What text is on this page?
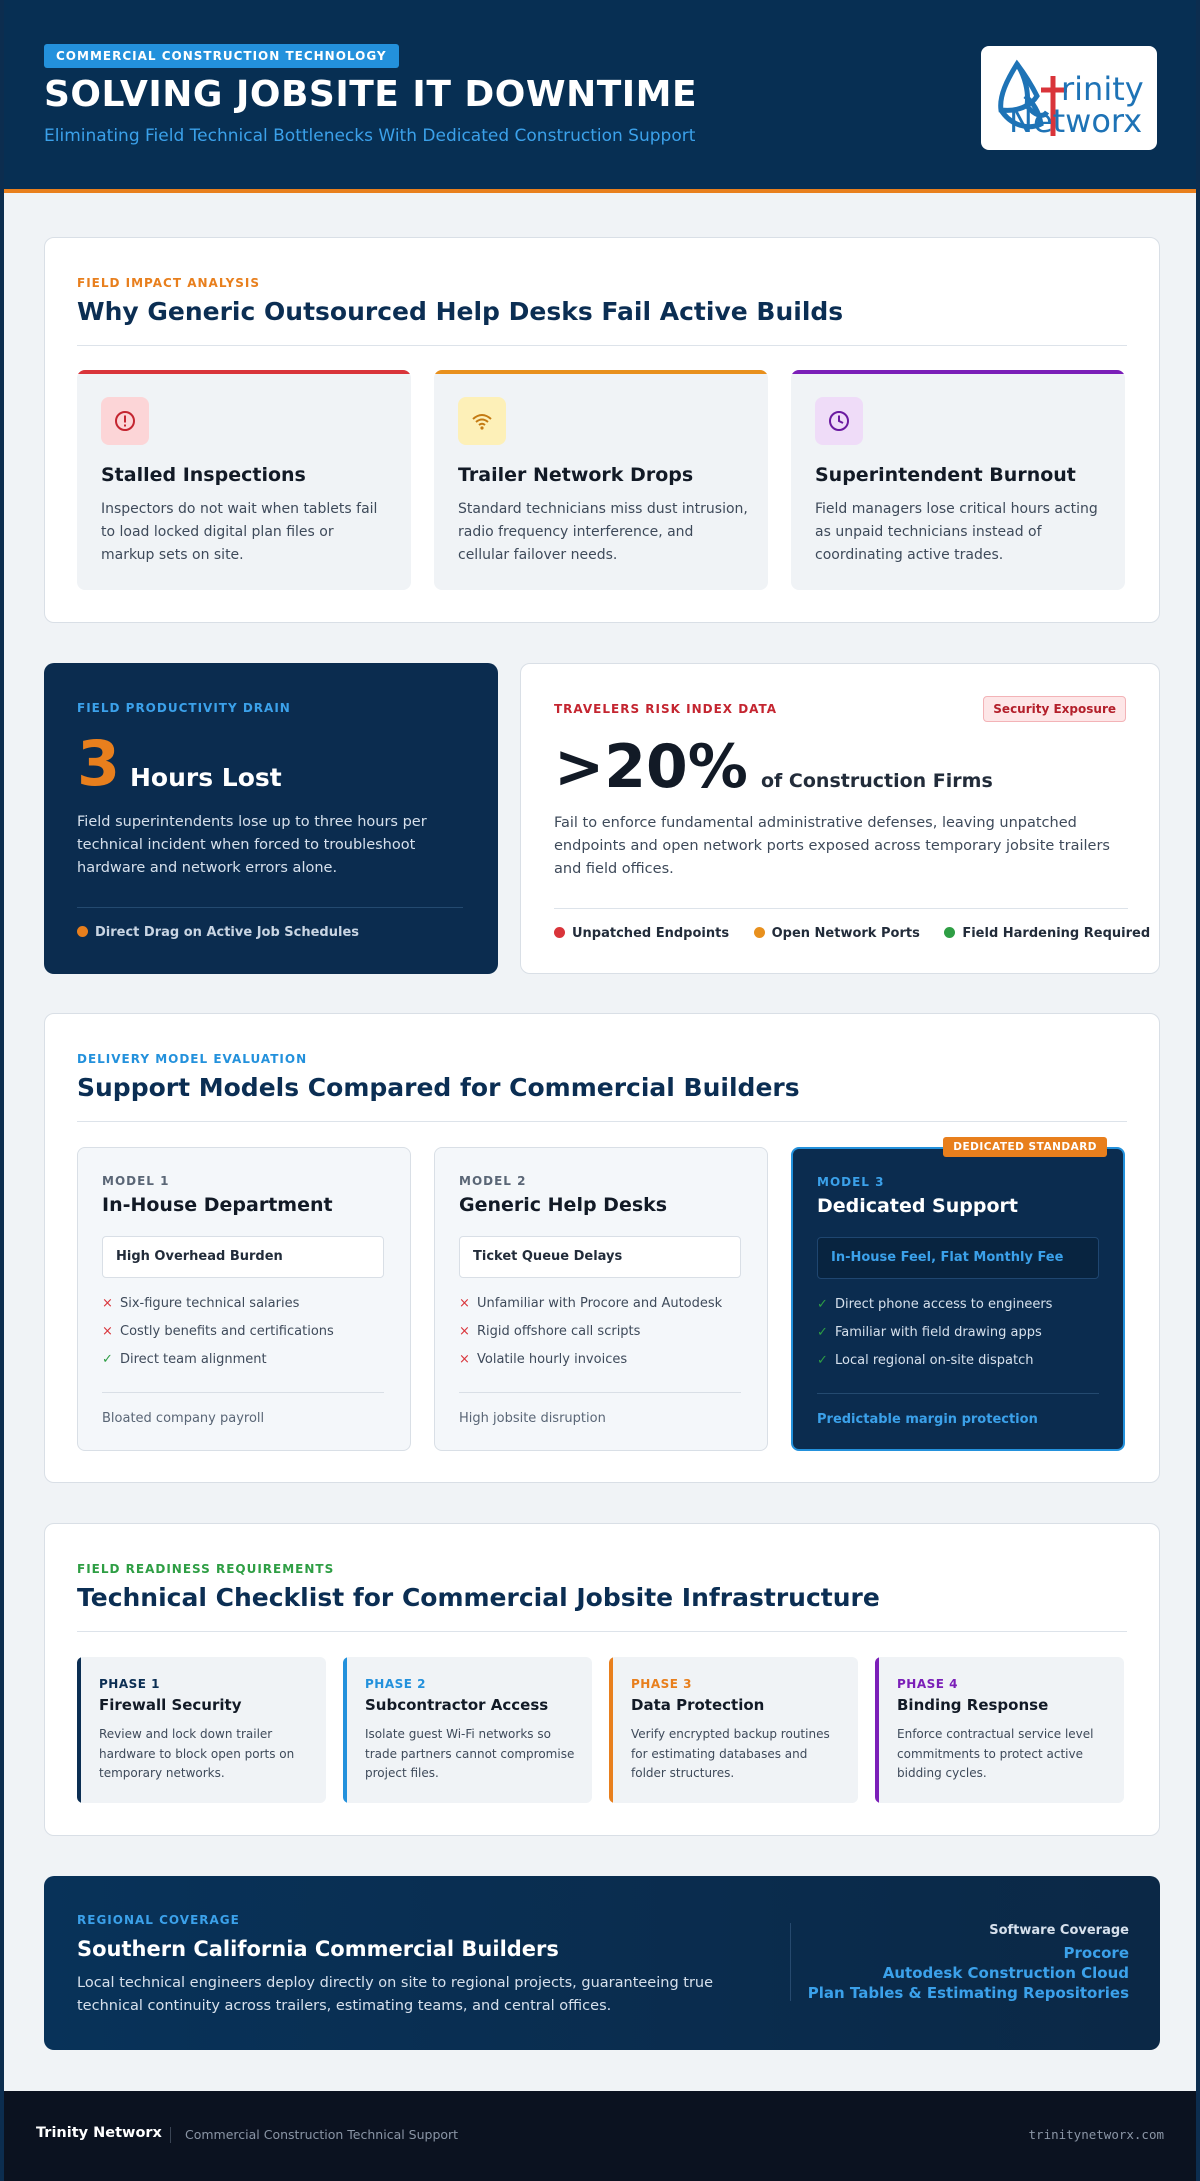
COMMERCIAL CONSTRUCTION TECHNOLOGY
SOLVING JOBSITE IT DOWNTIME
Eliminating Field Technical Bottlenecks With Dedicated Construction Support
rinity
Networx
FIELD IMPACT ANALYSIS
Why Generic Outsourced Help Desks Fail Active Builds
Stalled Inspections

Inspectors do not wait when tablets fail to load locked digital plan files or markup sets on site.

Trailer Network Drops

Standard technicians miss dust intrusion, radio frequency interference, and cellular failover needs.

Superintendent Burnout

Field managers lose critical hours acting as unpaid technicians instead of coordinating active trades.

FIELD PRODUCTIVITY DRAIN
3 Hours Lost
Field superintendents lose up to three hours per technical incident when forced to troubleshoot hardware and network errors alone.
Direct Drag on Active Job Schedules
TRAVELERS RISK INDEX DATA	Security Exposure
>20% of Construction Firms
Fail to enforce fundamental administrative defenses, leaving unpatched endpoints and open network ports exposed across temporary jobsite trailers and field offices.
Unpatched Endpoints	Open Network Ports	Field Hardening Required
DELIVERY MODEL EVALUATION
Support Models Compared for Commercial Builders
MODEL 1
In-House Department
High Overhead Burden
× Six-figure technical salaries
× Costly benefits and certifications
✓ Direct team alignment
Bloated company payroll
MODEL 2
Generic Help Desks
Ticket Queue Delays
× Unfamiliar with Procore and Autodesk
× Rigid offshore call scripts
× Volatile hourly invoices
High jobsite disruption
DEDICATED STANDARD
MODEL 3
Dedicated Support
In-House Feel, Flat Monthly Fee
✓ Direct phone access to engineers
✓ Familiar with field drawing apps
✓ Local regional on-site dispatch
Predictable margin protection
FIELD READINESS REQUIREMENTS
Technical Checklist for Commercial Jobsite Infrastructure
PHASE 1
Firewall Security
Review and lock down trailer hardware to block open ports on temporary networks.
PHASE 2
Subcontractor Access
Isolate guest Wi-Fi networks so trade partners cannot compromise project files.
PHASE 3
Data Protection
Verify encrypted backup routines for estimating databases and folder structures.
PHASE 4
Binding Response
Enforce contractual service level commitments to protect active bidding cycles.
REGIONAL COVERAGE
Southern California Commercial Builders
Local technical engineers deploy directly on site to regional projects, guaranteeing true technical continuity across trailers, estimating teams, and central offices.
Software Coverage
Procore
Autodesk Construction Cloud
Plan Tables & Estimating Repositories
Trinity Networx Commercial Construction Technical Support	trinitynetworx.com
